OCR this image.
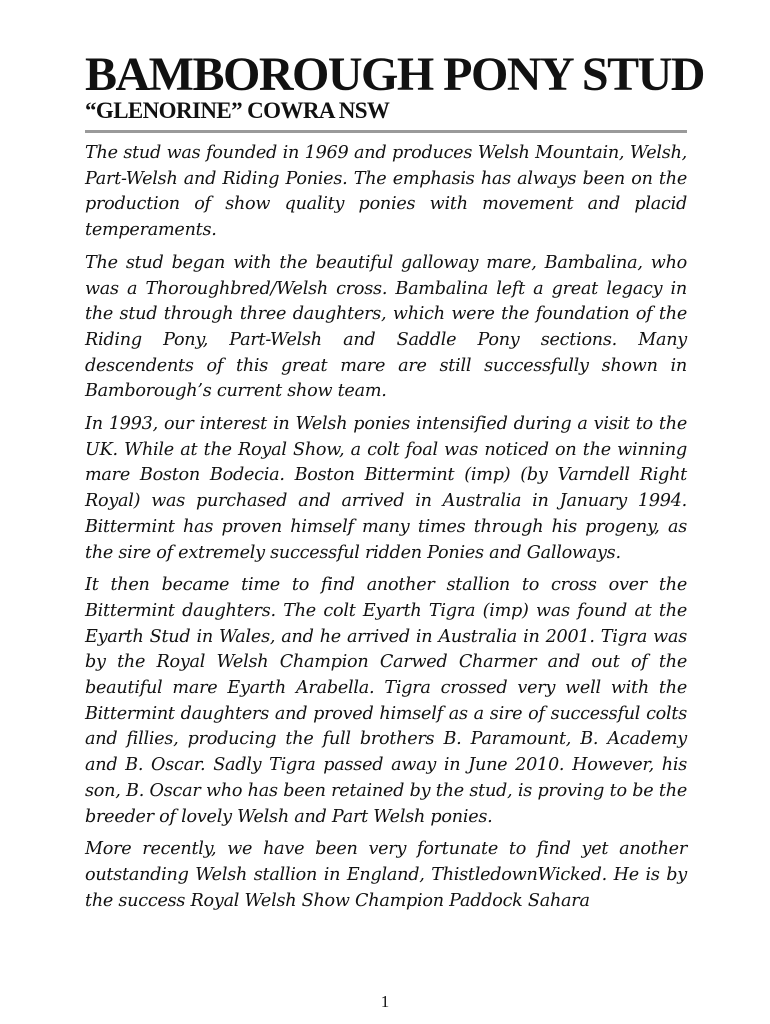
BAMBOROUGH PONY STUD
“GLENORINE” COWRA NSW

The stud was founded in 1969 and produces Welsh Mountain, Welsh, Part-Welsh and Riding Ponies. The emphasis has always been on the production of show quality ponies with movement and placid temperaments.

The stud began with the beautiful galloway mare, Bambalina, who was a Thoroughbred/Welsh cross. Bambalina left a great legacy in the stud through three daughters, which were the foundation of the Riding Pony, Part-Welsh and Saddle Pony sections. Many descendents of this great mare are still successfully shown in Bamborough’s current show team.

In 1993, our interest in Welsh ponies intensified during a visit to the UK. While at the Royal Show, a colt foal was noticed on the winning mare Boston Bodecia. Boston Bittermint (imp) (by Varndell Right Royal) was purchased and arrived in Australia in January 1994. Bittermint has proven himself many times through his progeny, as the sire of extremely successful ridden Ponies and Galloways.

It then became time to find another stallion to cross over the Bittermint daughters. The colt Eyarth Tigra (imp) was found at the Eyarth Stud in Wales, and he arrived in Australia in 2001. Tigra was by the Royal Welsh Champion Carwed Charmer and out of the beautiful mare Eyarth Arabella. Tigra crossed very well with the Bittermint daughters and proved himself as a sire of successful colts and fillies, producing the full brothers B. Paramount, B. Academy and B. Oscar. Sadly Tigra passed away in June 2010. However, his son, B. Oscar who has been retained by the stud, is proving to be the breeder of lovely Welsh and Part Welsh ponies.

More recently, we have been very fortunate to find yet another outstanding Welsh stallion in England, ThistledownWicked. He is by the success Royal Welsh Show Champion Paddock Sahara

1
